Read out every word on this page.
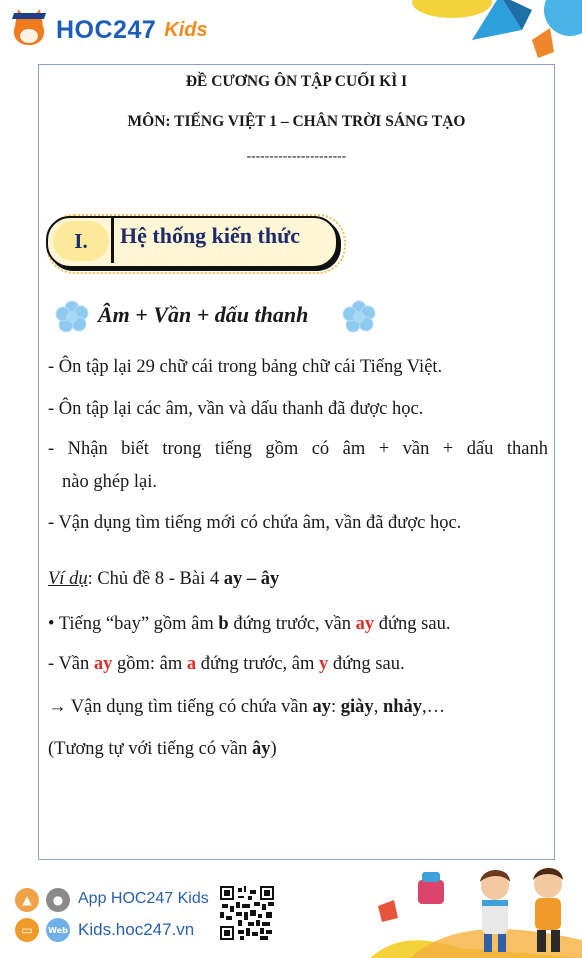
HOC247 Kids
ĐỀ CƯƠNG ÔN TẬP CUỐI KÌ I
MÔN: TIẾNG VIỆT 1 – CHÂN TRỜI SÁNG TẠO
----------------------
I.	Hệ thống kiến thức
Âm + Vần + dấu thanh
- Ôn tập lại 29 chữ cái trong bảng chữ cái Tiếng Việt.
- Ôn tập lại các âm, vần và dấu thanh đã được học.
- Nhận biết trong tiếng gồm có âm + vần + dấu thanh
nào ghép lại.
- Vận dụng tìm tiếng mới có chứa âm, vần đã được học.
Ví dụ: Chủ đề 8 - Bài 4 ay – ây
• Tiếng “bay” gồm âm b đứng trước, vần ay đứng sau.
- Vần ay gồm: âm a đứng trước, âm y đứng sau.
→ Vận dụng tìm tiếng có chứa vần ay: giày, nhảy,…
(Tương tự với tiếng có vần ây)
▲	●
▭	Web
App HOC247 Kids
Kids.hoc247.vn
